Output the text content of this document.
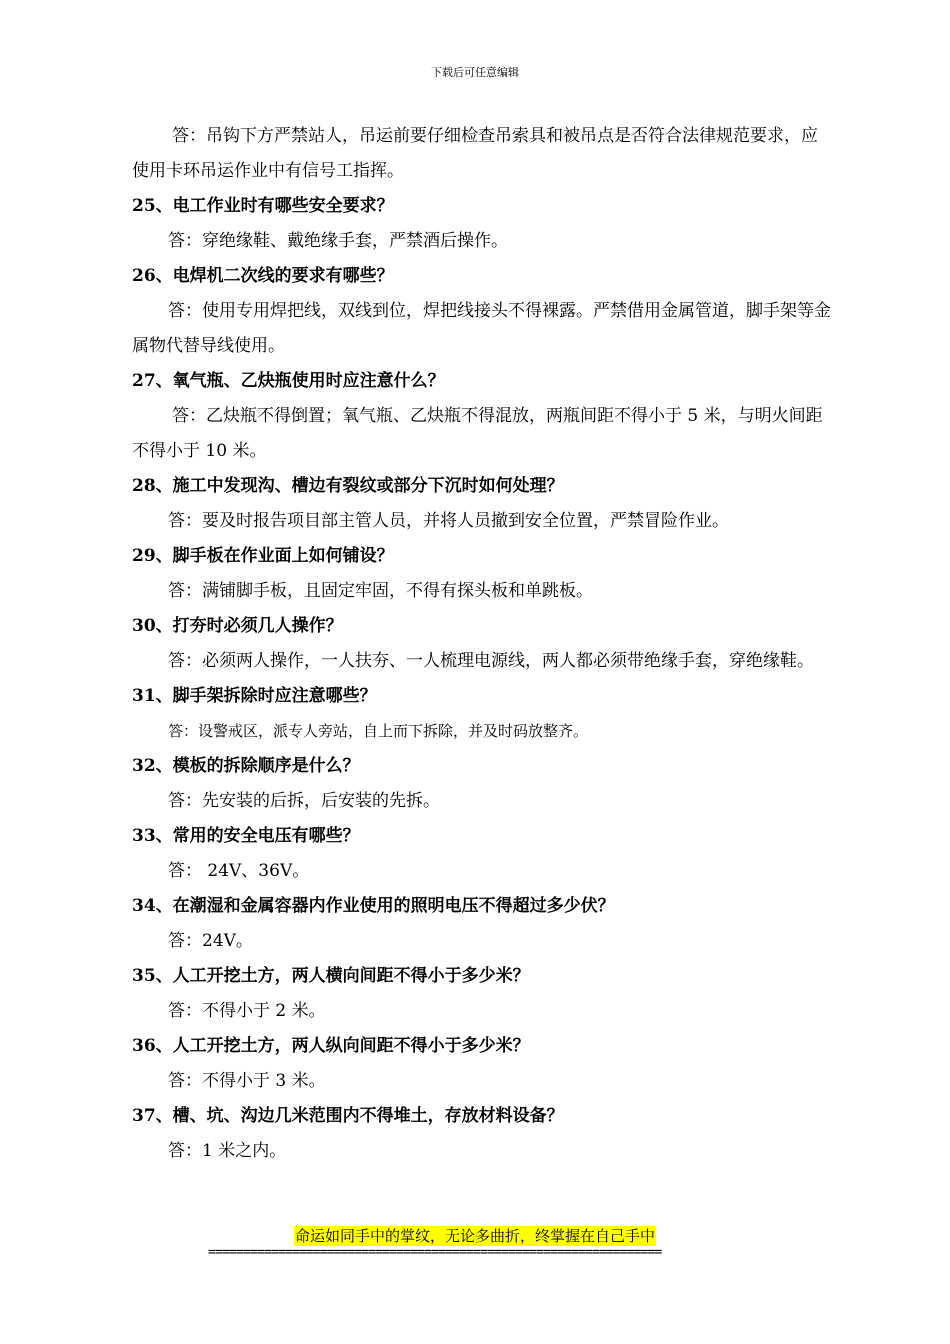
下载后可任意编辑

答：吊钩下方严禁站人，吊运前要仔细检查吊索具和被吊点是否符合法律规范要求，应使用卡环吊运作业中有信号工指挥。

25、电工作业时有哪些安全要求？

答：穿绝缘鞋、戴绝缘手套，严禁酒后操作。

26、电焊机二次线的要求有哪些？

答：使用专用焊把线，双线到位，焊把线接头不得裸露。严禁借用金属管道，脚手架等金属物代替导线使用。

27、氧气瓶、乙炔瓶使用时应注意什么？

答：乙炔瓶不得倒置；氧气瓶、乙炔瓶不得混放，两瓶间距不得小于 5 米，与明火间距不得小于 10 米。

28、施工中发现沟、槽边有裂纹或部分下沉时如何处理？

答：要及时报告项目部主管人员，并将人员撤到安全位置，严禁冒险作业。

29、脚手板在作业面上如何铺设？

答：满铺脚手板，且固定牢固，不得有探头板和单跳板。

30、打夯时必须几人操作？

答：必须两人操作，一人扶夯、一人梳理电源线，两人都必须带绝缘手套，穿绝缘鞋。

31、脚手架拆除时应注意哪些？

答：设警戒区，派专人旁站，自上而下拆除，并及时码放整齐。

32、模板的拆除顺序是什么？

答：先安装的后拆，后安装的先拆。

33、常用的安全电压有哪些？

答： 24V、36V。

34、在潮湿和金属容器内作业使用的照明电压不得超过多少伏？

答：24V。

35、人工开挖土方，两人横向间距不得小于多少米？

答：不得小于 2 米。

36、人工开挖土方，两人纵向间距不得小于多少米？

答：不得小于 3 米。

37、槽、坑、沟边几米范围内不得堆土，存放材料设备？

答：1 米之内。

命运如同手中的掌纹，无论多曲折，终掌握在自己手中
=================================================================
